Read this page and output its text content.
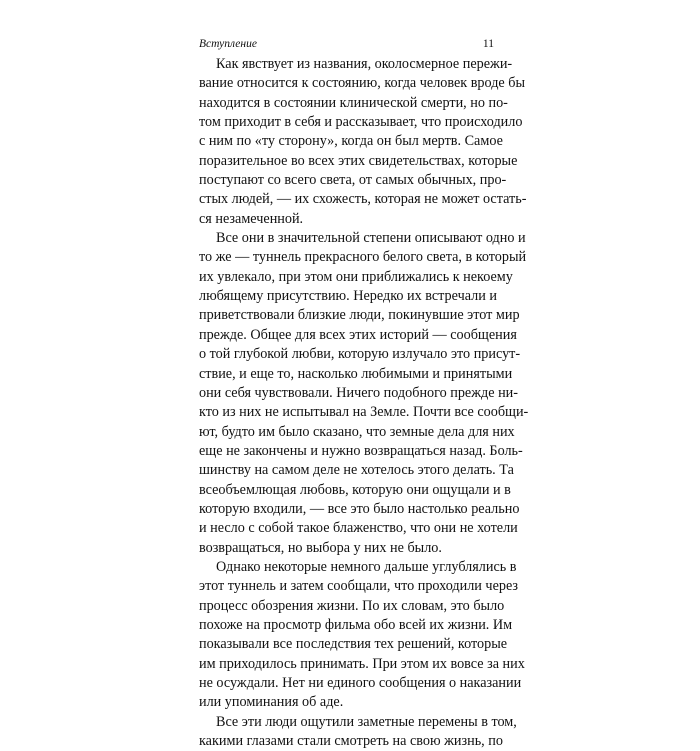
Вступление	11
Как явствует из названия, околосмерное пережи-
вание относится к состоянию, когда человек вроде бы
находится в состоянии клинической смерти, но по-
том приходит в себя и рассказывает, что происходило
с ним по «ту сторону», когда он был мертв. Самое
поразительное во всех этих свидетельствах, которые
поступают со всего света, от самых обычных, про-
стых людей, — их схожесть, которая не может остать-
ся незамеченной.
Все они в значительной степени описывают одно и
то же — туннель прекрасного белого света, в который
их увлекало, при этом они приближались к некоему
любящему присутствию. Нередко их встречали и
приветствовали близкие люди, покинувшие этот мир
прежде. Общее для всех этих историй — сообщения
о той глубокой любви, которую излучало это присут-
ствие, и еще то, насколько любимыми и принятыми
они себя чувствовали. Ничего подобного прежде ни-
кто из них не испытывал на Земле. Почти все сообщи-
ют, будто им было сказано, что земные дела для них
еще не закончены и нужно возвращаться назад. Боль-
шинству на самом деле не хотелось этого делать. Та
всеобъемлющая любовь, которую они ощущали и в
которую входили, — все это было настолько реально
и несло с собой такое блаженство, что они не хотели
возвращаться, но выбора у них не было.
Однако некоторые немного дальше углублялись в
этот туннель и затем сообщали, что проходили через
процесс обозрения жизни. По их словам, это было
похоже на просмотр фильма обо всей их жизни. Им
показывали все последствия тех решений, которые
им приходилось принимать. При этом их вовсе за них
не осуждали. Нет ни единого сообщения о наказании
или упоминания об аде.
Все эти люди ощутили заметные перемены в том,
какими глазами стали смотреть на свою жизнь, по
